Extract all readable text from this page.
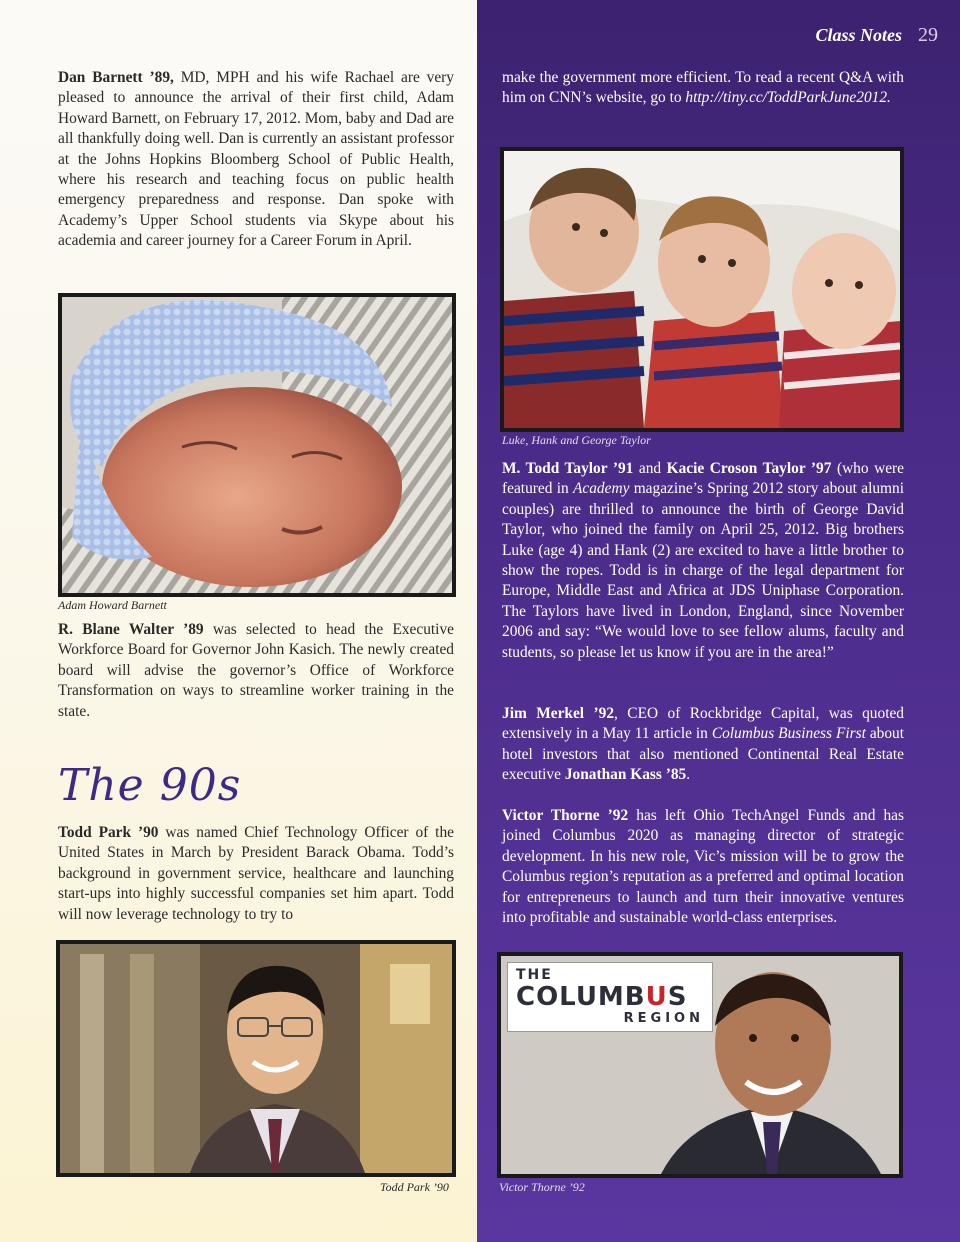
Class Notes 29

Dan Barnett ’89, MD, MPH and his wife Rachael are very pleased to announce the arrival of their first child, Adam Howard Barnett, on February 17, 2012. Mom, baby and Dad are all thankfully doing well. Dan is currently an assistant professor at the Johns Hopkins Bloomberg School of Public Health, where his research and teaching focus on public health emergency preparedness and response. Dan spoke with Academy’s Upper School students via Skype about his academia and career journey for a Career Forum in April.

Adam Howard Barnett

R. Blane Walter ’89 was selected to head the Executive Workforce Board for Governor John Kasich. The newly created board will advise the governor’s Office of Workforce Transformation on ways to streamline worker training in the state.

The 90s

Todd Park ’90 was named Chief Technology Officer of the United States in March by President Barack Obama. Todd’s background in government service, healthcare and launching start-ups into highly successful companies set him apart. Todd will now leverage technology to try to

Todd Park ’90

make the government more efficient. To read a recent Q&A with him on CNN’s website, go to http://tiny.cc/ToddParkJune2012.

Luke, Hank and George Taylor

M. Todd Taylor ’91 and Kacie Croson Taylor ’97 (who were featured in Academy magazine’s Spring 2012 story about alumni couples) are thrilled to announce the birth of George David Taylor, who joined the family on April 25, 2012. Big brothers Luke (age 4) and Hank (2) are excited to have a little brother to show the ropes. Todd is in charge of the legal department for Europe, Middle East and Africa at JDS Uniphase Corporation. The Taylors have lived in London, England, since November 2006 and say: “We would love to see fellow alums, faculty and students, so please let us know if you are in the area!”

Jim Merkel ’92, CEO of Rockbridge Capital, was quoted extensively in a May 11 article in Columbus Business First about hotel investors that also mentioned Continental Real Estate executive Jonathan Kass ’85.

Victor Thorne ’92 has left Ohio TechAngel Funds and has joined Columbus 2020 as managing director of strategic development. In his new role, Vic’s mission will be to grow the Columbus region’s reputation as a preferred and optimal location for entrepreneurs to launch and turn their innovative ventures into profitable and sustainable world-class enterprises.

THE
COLUMBUS
REGION
Victor Thorne ’92
